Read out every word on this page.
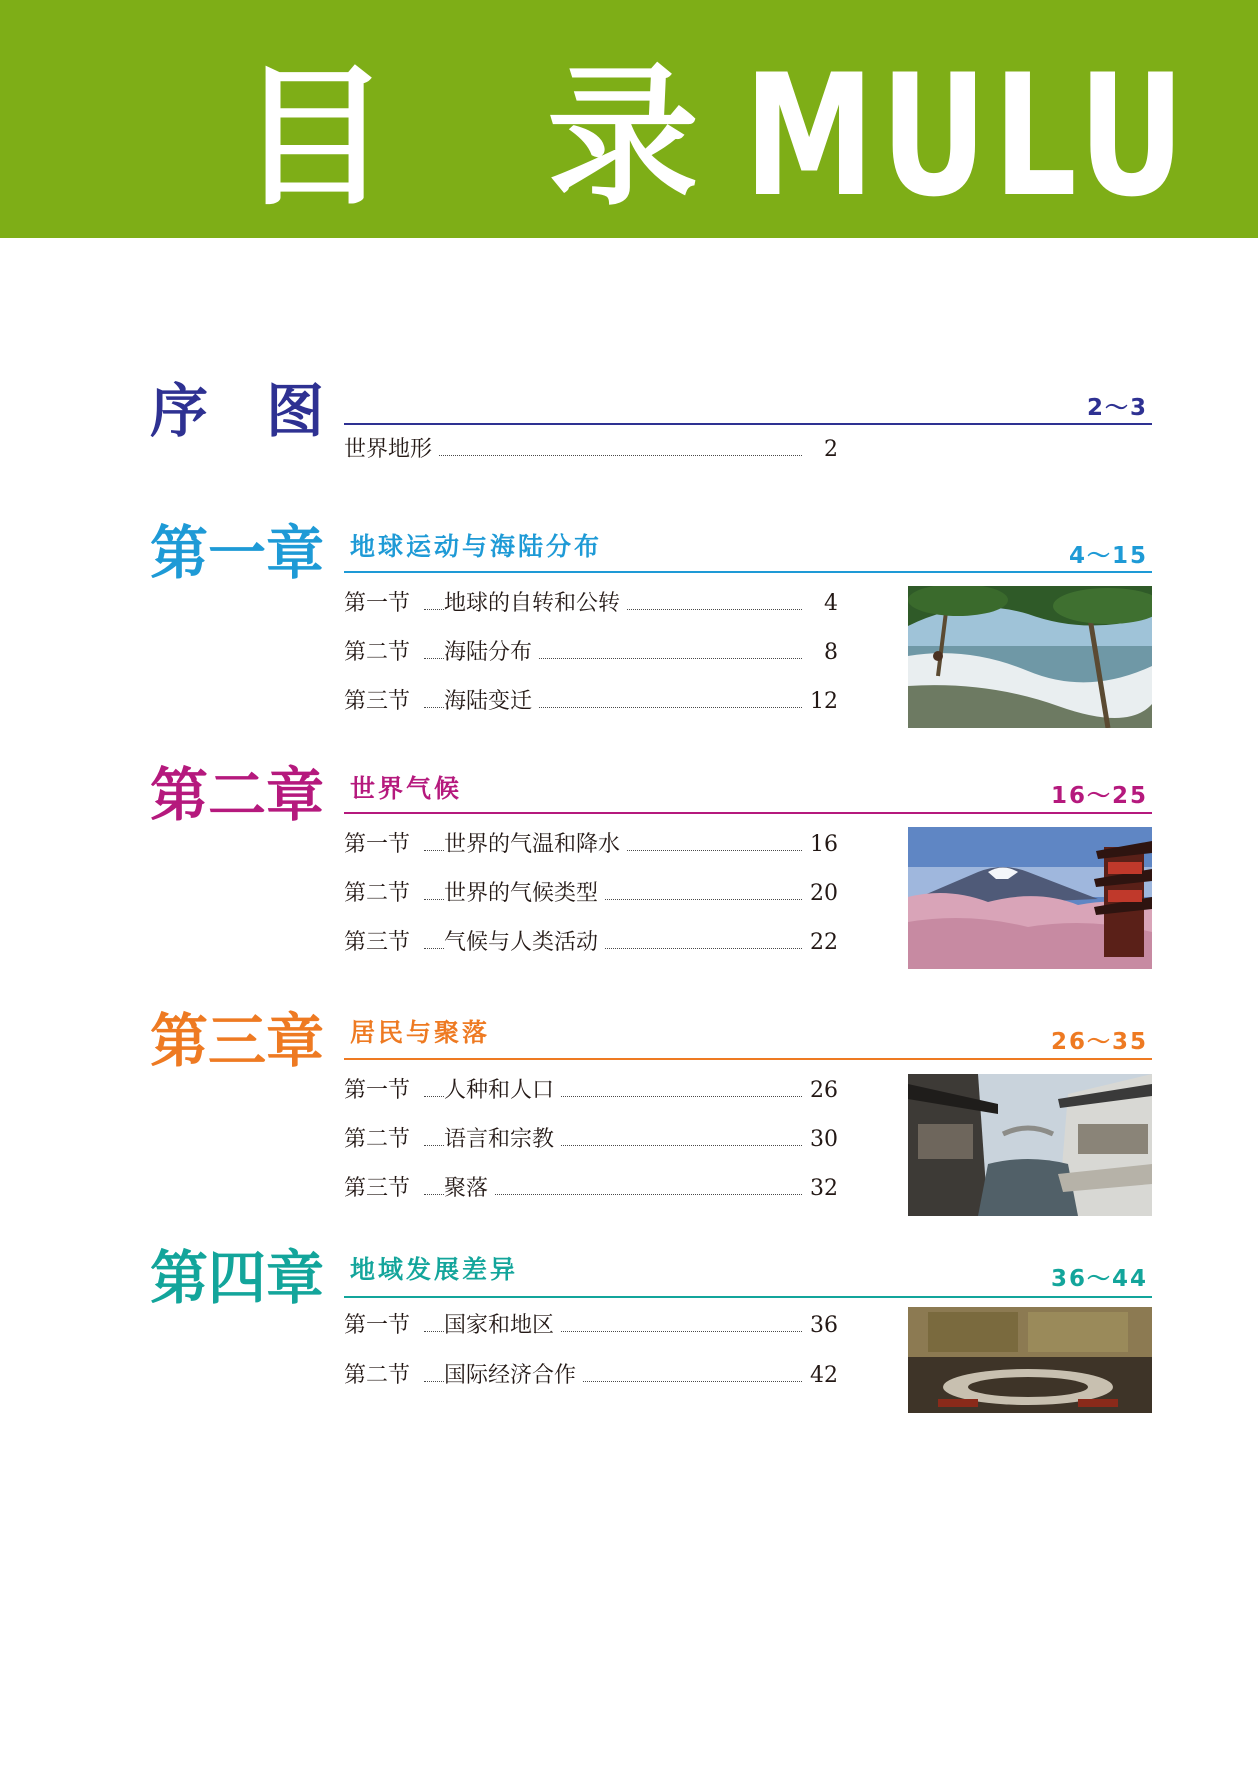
目 录
MULU
序　图	2～3
世界地形	2
第一章 地球运动与海陆分布	4～15
第一节 地球的自转和公转	4
第二节 海陆分布	8
第三节 海陆变迁	12
第二章 世界气候	16～25
第一节 世界的气温和降水	16
第二节 世界的气候类型	20
第三节 气候与人类活动	22
第三章 居民与聚落	26～35
第一节 人种和人口	26
第二节 语言和宗教	30
第三节 聚落	32
第四章 地域发展差异	36～44
第一节 国家和地区	36
第二节 国际经济合作	42
